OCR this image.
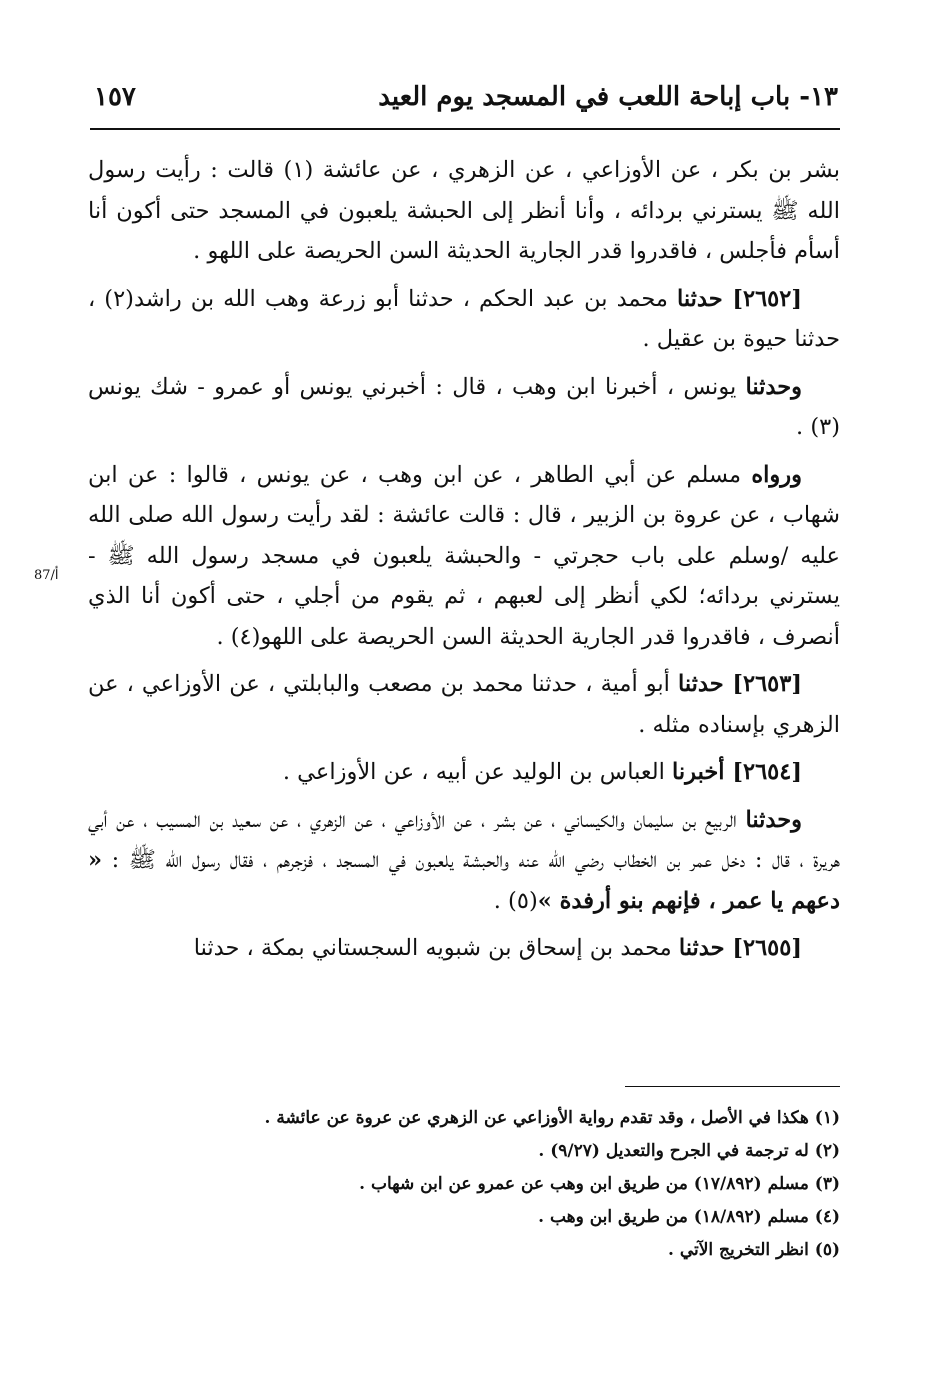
١٣- باب إباحة اللعب في المسجد يوم العيد
١٥٧
87/أ

بشر بن بكر ، عن الأوزاعي ، عن الزهري ، عن عائشة (١) قالت : رأيت رسول الله ﷺ يسترني بردائه ، وأنا أنظر إلى الحبشة يلعبون في المسجد حتى أكون أنا أسأم فأجلس ، فاقدروا قدر الجارية الحديثة السن الحريصة على اللهو .

[٢٦٥٢] حدثنا محمد بن عبد الحكم ، حدثنا أبو زرعة وهب الله بن راشد(٢) ، حدثنا حيوة بن عقيل .

وحدثنا يونس ، أخبرنا ابن وهب ، قال : أخبرني يونس أو عمرو - شك يونس (٣) .

ورواه مسلم عن أبي الطاهر ، عن ابن وهب ، عن يونس ، قالوا : عن ابن شهاب ، عن عروة بن الزبير ، قال : قالت عائشة : لقد رأيت رسول الله صلى الله عليه /وسلم على باب حجرتي - والحبشة يلعبون في مسجد رسول الله ﷺ - يسترني بردائه؛ لكي أنظر إلى لعبهم ، ثم يقوم من أجلي ، حتى أكون أنا الذي أنصرف ، فاقدروا قدر الجارية الحديثة السن الحريصة على اللهو(٤) .

[٢٦٥٣] حدثنا أبو أمية ، حدثنا محمد بن مصعب والبابلتي ، عن الأوزاعي ، عن الزهري بإسناده مثله .

[٢٦٥٤] أخبرنا العباس بن الوليد عن أبيه ، عن الأوزاعي .

وحدثنا الربيع بن سليمان والكيساني ، عن بشر ، عن الأوزاعي ، عن الزهري ، عن سعيد بن المسيب ، عن أبي هريرة ، قال : دخل عمر بن الخطاب رضي الله عنه والحبشة يلعبون في المسجد ، فزجرهم ، فقال رسول الله ﷺ : « دعهم يا عمر ، فإنهم بنو أرفدة »(٥) .

[٢٦٥٥] حدثنا محمد بن إسحاق بن شبويه السجستاني بمكة ، حدثنا

(١) هكذا في الأصل ، وقد تقدم رواية الأوزاعي عن الزهري عن عروة عن عائشة .
(٢) له ترجمة في الجرح والتعديل (٩/٢٧) .
(٣) مسلم (١٧/٨٩٢) من طريق ابن وهب عن عمرو عن ابن شهاب .
(٤) مسلم (١٨/٨٩٢) من طريق ابن وهب .
(٥) انظر التخريج الآتي .
